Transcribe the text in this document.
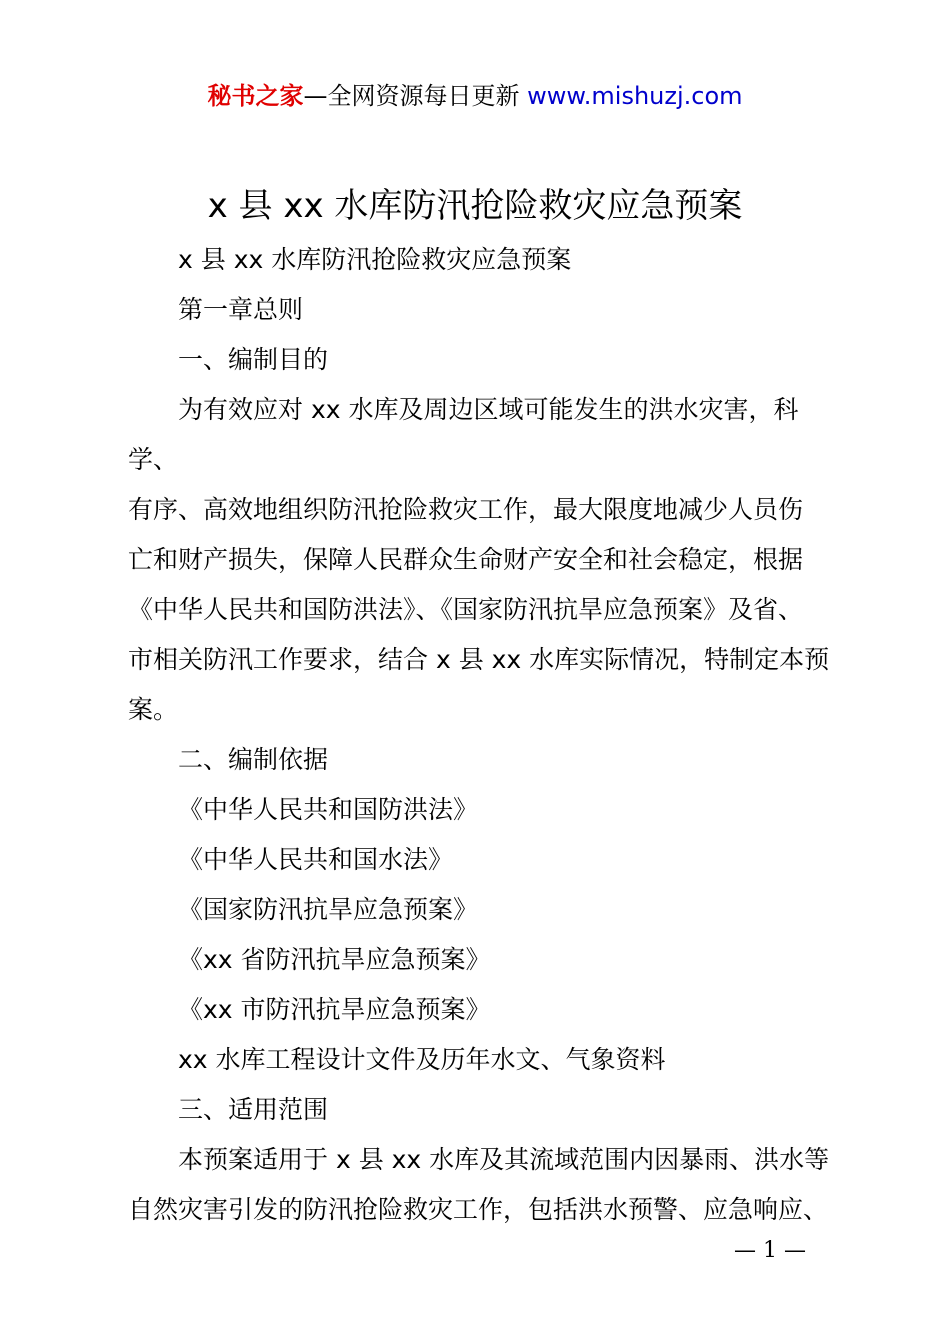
秘书之家—全网资源每日更新 www.mishuzj.com
x 县 xx 水库防汛抢险救灾应急预案

x 县 xx 水库防汛抢险救灾应急预案

第一章总则

一、编制目的

为有效应对 xx 水库及周边区域可能发生的洪水灾害，科学、

有序、高效地组织防汛抢险救灾工作，最大限度地减少人员伤

亡和财产损失，保障人民群众生命财产安全和社会稳定，根据

《中华人民共和国防洪法》、《国家防汛抗旱应急预案》及省、

市相关防汛工作要求，结合 x 县 xx 水库实际情况，特制定本预

案。

二、编制依据

《中华人民共和国防洪法》

《中华人民共和国水法》

《国家防汛抗旱应急预案》

《xx 省防汛抗旱应急预案》

《xx 市防汛抗旱应急预案》

xx 水库工程设计文件及历年水文、气象资料

三、适用范围

本预案适用于 x 县 xx 水库及其流域范围内因暴雨、洪水等

自然灾害引发的防汛抢险救灾工作，包括洪水预警、应急响应、

— 1 —
